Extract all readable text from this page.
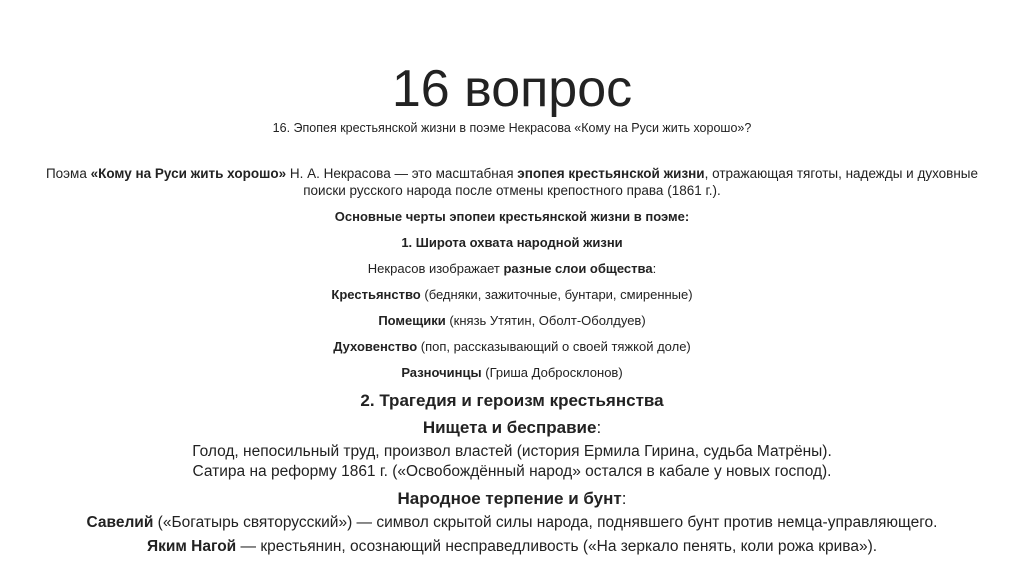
16 вопрос

16. Эпопея крестьянской жизни в поэме Некрасова «Кому на Руси жить хорошо»?

Поэма «Кому на Руси жить хорошо» Н. А. Некрасова — это масштабная эпопея крестьянской жизни, отражающая тяготы, надежды и духовные
поиски русского народа после отмены крепостного права (1861 г.).

Основные черты эпопеи крестьянской жизни в поэме:

1. Широта охвата народной жизни

Некрасов изображает разные слои общества:

Крестьянство (бедняки, зажиточные, бунтари, смиренные)

Помещики (князь Утятин, Оболт-Оболдуев)

Духовенство (поп, рассказывающий о своей тяжкой доле)

Разночинцы (Гриша Добросклонов)

2. Трагедия и героизм крестьянства

Нищета и бесправие:

Голод, непосильный труд, произвол властей (история Ермила Гирина, судьба Матрёны).

Сатира на реформу 1861 г. («Освобождённый народ» остался в кабале у новых господ).

Народное терпение и бунт:

Савелий («Богатырь святорусский») — символ скрытой силы народа, поднявшего бунт против немца-управляющего.

Яким Нагой — крестьянин, осознающий несправедливость («На зеркало пенять, коли рожа крива»).
